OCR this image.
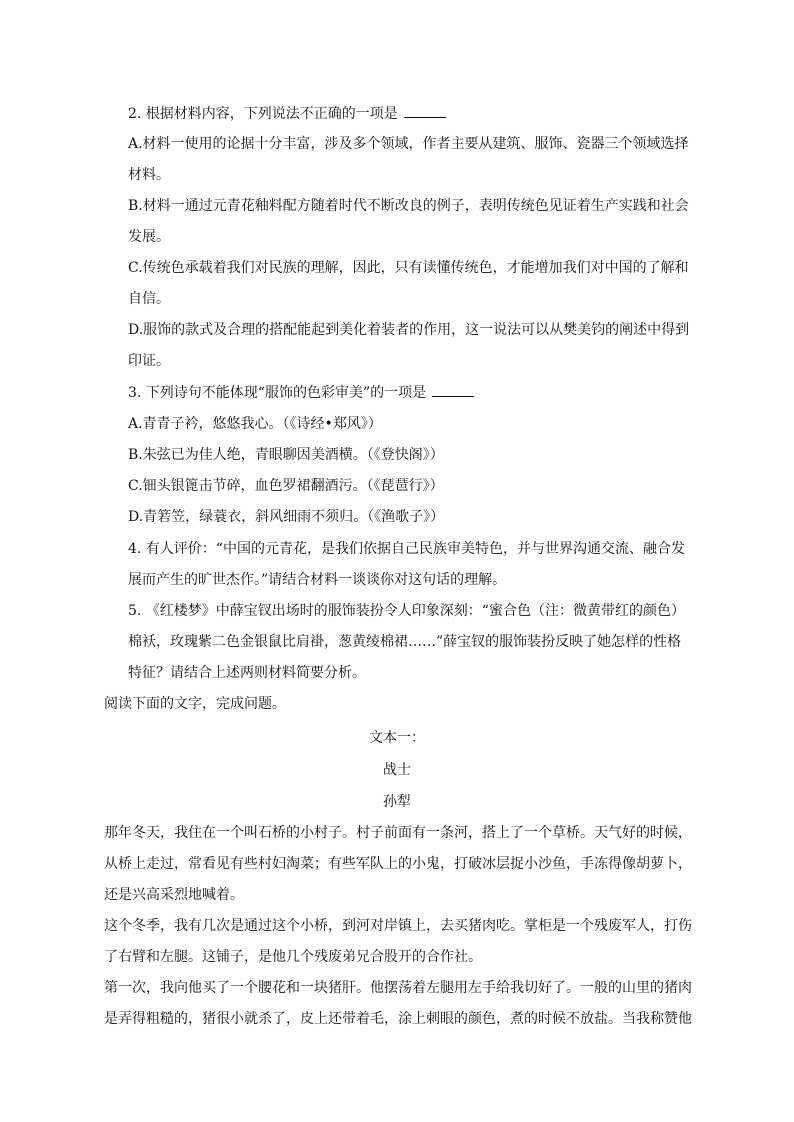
2. 根据材料内容，下列说法不正确的一项是
A.材料一使用的论据十分丰富，涉及多个领域，作者主要从建筑、服饰、瓷器三个领域选择
材料。
B.材料一通过元青花釉料配方随着时代不断改良的例子，表明传统色见证着生产实践和社会
发展。
C.传统色承载着我们对民族的理解，因此，只有读懂传统色，才能增加我们对中国的了解和
自信。
D.服饰的款式及合理的搭配能起到美化着装者的作用，这一说法可以从樊美钧的阐述中得到
印证。
3. 下列诗句不能体现“服饰的色彩审美”的一项是
A.青青子衿，悠悠我心。（《诗经•郑风》）
B.朱弦已为佳人绝，青眼聊因美酒横。（《登快阁》）
C.钿头银篦击节碎，血色罗裙翻酒污。（《琵琶行》）
D.青箬笠，绿蓑衣，斜风细雨不须归。（《渔歌子》）
4. 有人评价：“中国的元青花，是我们依据自己民族审美特色，并与世界沟通交流、融合发
展而产生的旷世杰作。”请结合材料一谈谈你对这句话的理解。
5. 《红楼梦》中薛宝钗出场时的服饰装扮令人印象深刻：“蜜合色（注：微黄带红的颜色）
棉袄，玫瑰紫二色金银鼠比肩褂，葱黄绫棉裙……”薛宝钗的服饰装扮反映了她怎样的性格
特征？请结合上述两则材料简要分析。
阅读下面的文字，完成问题。
文本一：
战士
孙犁
那年冬天，我住在一个叫石桥的小村子。村子前面有一条河，搭上了一个草桥。天气好的时候，
从桥上走过，常看见有些村妇淘菜；有些军队上的小鬼，打破冰层捉小沙鱼，手冻得像胡萝卜，
还是兴高采烈地喊着。
这个冬季，我有几次是通过这个小桥，到河对岸镇上，去买猪肉吃。掌柜是一个残废军人，打伤
了右臂和左腿。这铺子，是他几个残废弟兄合股开的合作社。
第一次，我向他买了一个腰花和一块猪肝。他摆荡着左腿用左手给我切好了。一般的山里的猪肉
是弄得粗糙的，猪很小就杀了，皮上还带着毛，涂上刺眼的颜色，煮的时候不放盐。当我称赞他
